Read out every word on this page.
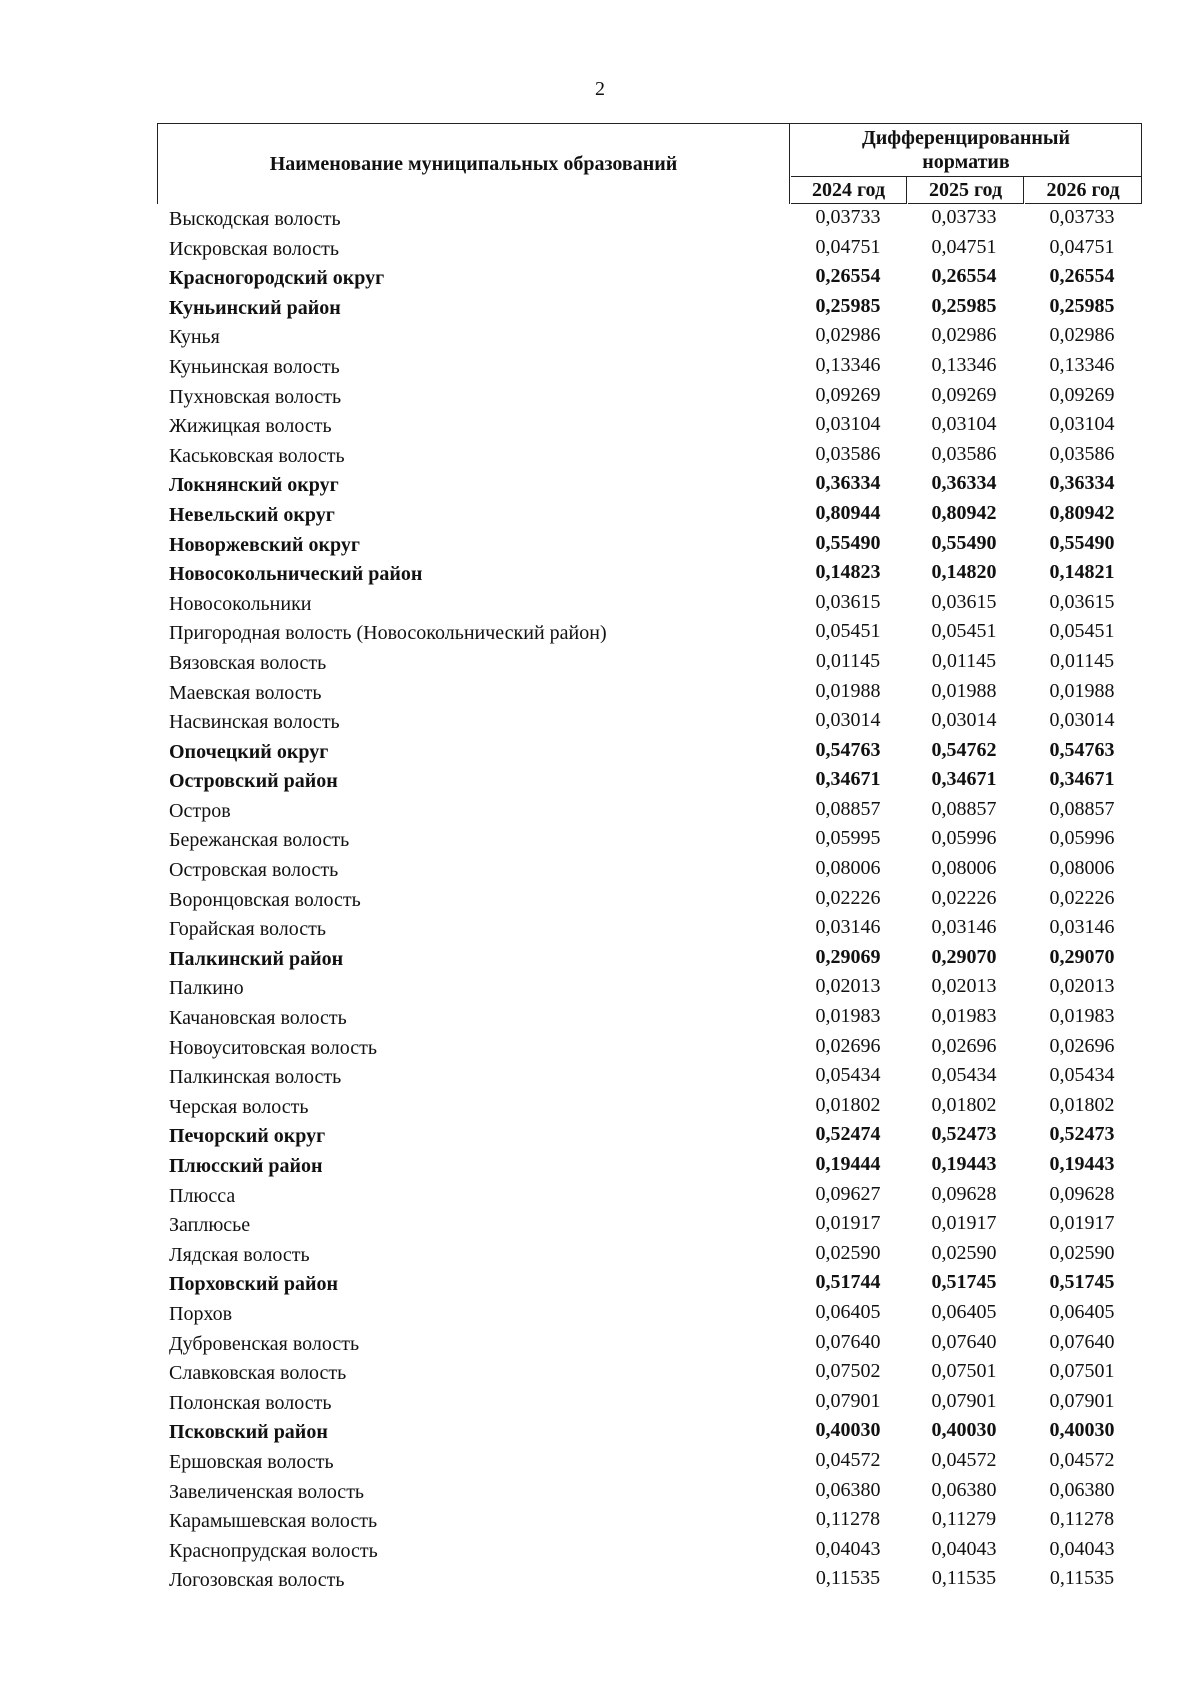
2
Наименование муниципальных образований
Дифференцированный норматив
2024 год	2025 год	2026 год
Выскодская волость	0,03733	0,03733	0,03733
Искровская волость	0,04751	0,04751	0,04751
Красногородский округ	0,26554	0,26554	0,26554
Куньинский район	0,25985	0,25985	0,25985
Кунья	0,02986	0,02986	0,02986
Куньинская волость	0,13346	0,13346	0,13346
Пухновская волость	0,09269	0,09269	0,09269
Жижицкая волость	0,03104	0,03104	0,03104
Каськовская волость	0,03586	0,03586	0,03586
Локнянский округ	0,36334	0,36334	0,36334
Невельский округ	0,80944	0,80942	0,80942
Новоржевский округ	0,55490	0,55490	0,55490
Новосокольнический район	0,14823	0,14820	0,14821
Новосокольники	0,03615	0,03615	0,03615
Пригородная волость (Новосокольнический район)	0,05451	0,05451	0,05451
Вязовская волость	0,01145	0,01145	0,01145
Маевская волость	0,01988	0,01988	0,01988
Насвинская волость	0,03014	0,03014	0,03014
Опочецкий округ	0,54763	0,54762	0,54763
Островский район	0,34671	0,34671	0,34671
Остров	0,08857	0,08857	0,08857
Бережанская волость	0,05995	0,05996	0,05996
Островская волость	0,08006	0,08006	0,08006
Воронцовская волость	0,02226	0,02226	0,02226
Горайская волость	0,03146	0,03146	0,03146
Палкинский район	0,29069	0,29070	0,29070
Палкино	0,02013	0,02013	0,02013
Качановская волость	0,01983	0,01983	0,01983
Новоуситовская волость	0,02696	0,02696	0,02696
Палкинская волость	0,05434	0,05434	0,05434
Черская волость	0,01802	0,01802	0,01802
Печорский округ	0,52474	0,52473	0,52473
Плюсский район	0,19444	0,19443	0,19443
Плюсса	0,09627	0,09628	0,09628
Заплюсье	0,01917	0,01917	0,01917
Лядская волость	0,02590	0,02590	0,02590
Порховский район	0,51744	0,51745	0,51745
Порхов	0,06405	0,06405	0,06405
Дубровенская волость	0,07640	0,07640	0,07640
Славковская волость	0,07502	0,07501	0,07501
Полонская волость	0,07901	0,07901	0,07901
Псковский район	0,40030	0,40030	0,40030
Ершовская волость	0,04572	0,04572	0,04572
Завеличенская волость	0,06380	0,06380	0,06380
Карамышевская волость	0,11278	0,11279	0,11278
Краснопрудская волость	0,04043	0,04043	0,04043
Логозовская волость	0,11535	0,11535	0,11535
